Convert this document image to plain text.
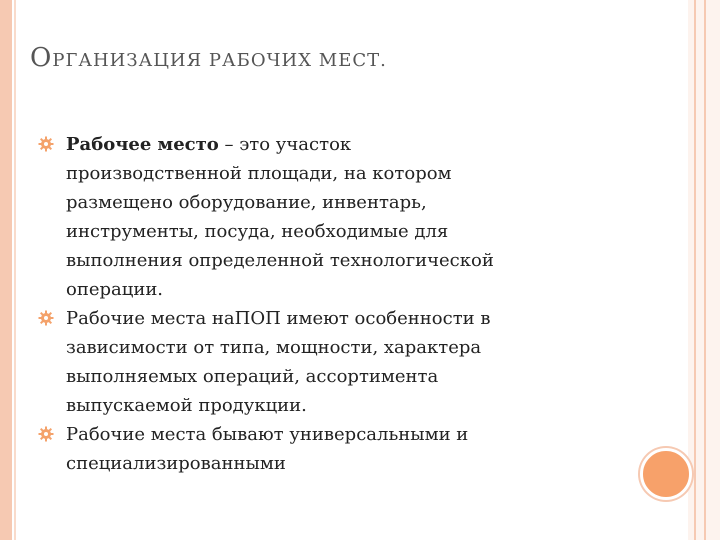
ОРГАНИЗАЦИЯ РАБОЧИХ МЕСТ.
Рабочее место – это участок
производственной площади, на котором
размещено оборудование, инвентарь,
инструменты, посуда, необходимые для
выполнения определенной технологической
операции.
Рабочие места наПОП имеют особенности в
зависимости от типа, мощности, характера
выполняемых операций, ассортимента
выпускаемой продукции.
Рабочие места бывают универсальными и
специализированными
